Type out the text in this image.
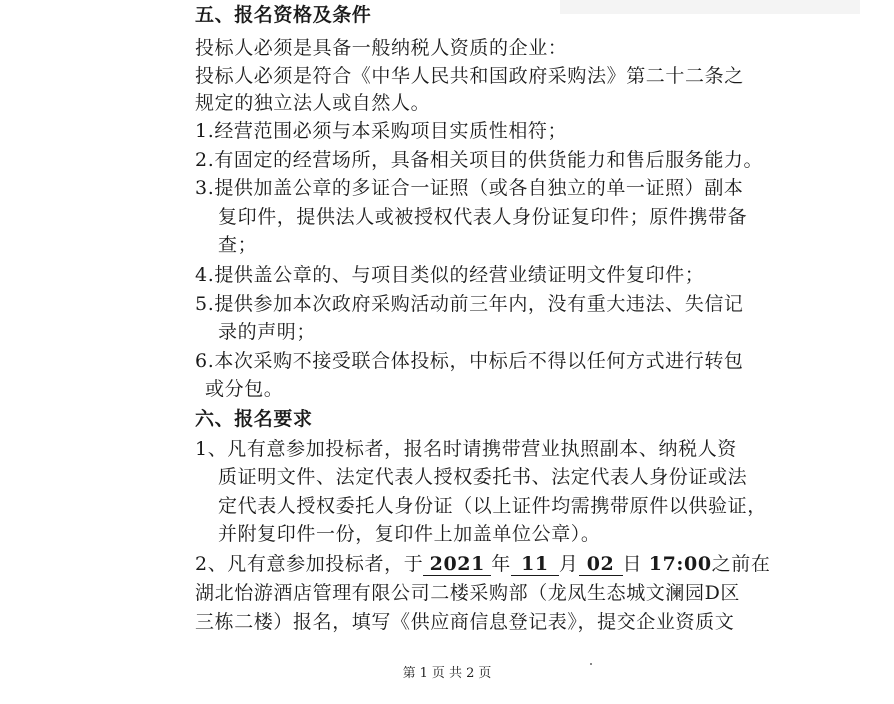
五、报名资格及条件
投标人必须是具备一般纳税人资质的企业：
投标人必须是符合《中华人民共和国政府采购法》第二十二条之
规定的独立法人或自然人。
1.经营范围必须与本采购项目实质性相符；
2.有固定的经营场所，具备相关项目的供货能力和售后服务能力。
3.提供加盖公章的多证合一证照（或各自独立的单一证照）副本
复印件，提供法人或被授权代表人身份证复印件；原件携带备
查；
4.提供盖公章的、与项目类似的经营业绩证明文件复印件；
5.提供参加本次政府采购活动前三年内，没有重大违法、失信记
录的声明；
6.本次采购不接受联合体投标，中标后不得以任何方式进行转包
或分包。
六、报名要求
1、凡有意参加投标者，报名时请携带营业执照副本、纳税人资
质证明文件、法定代表人授权委托书、法定代表人身份证或法
定代表人授权委托人身份证（以上证件均需携带原件以供验证，
并附复印件一份，复印件上加盖单位公章）。
2、凡有意参加投标者，于 2021 年 11 月 02 日 17:00之前在
湖北怡游酒店管理有限公司二楼采购部（龙凤生态城文澜园D区
三栋二楼）报名，填写《供应商信息登记表》，提交企业资质文
第 1 页 共 2 页
